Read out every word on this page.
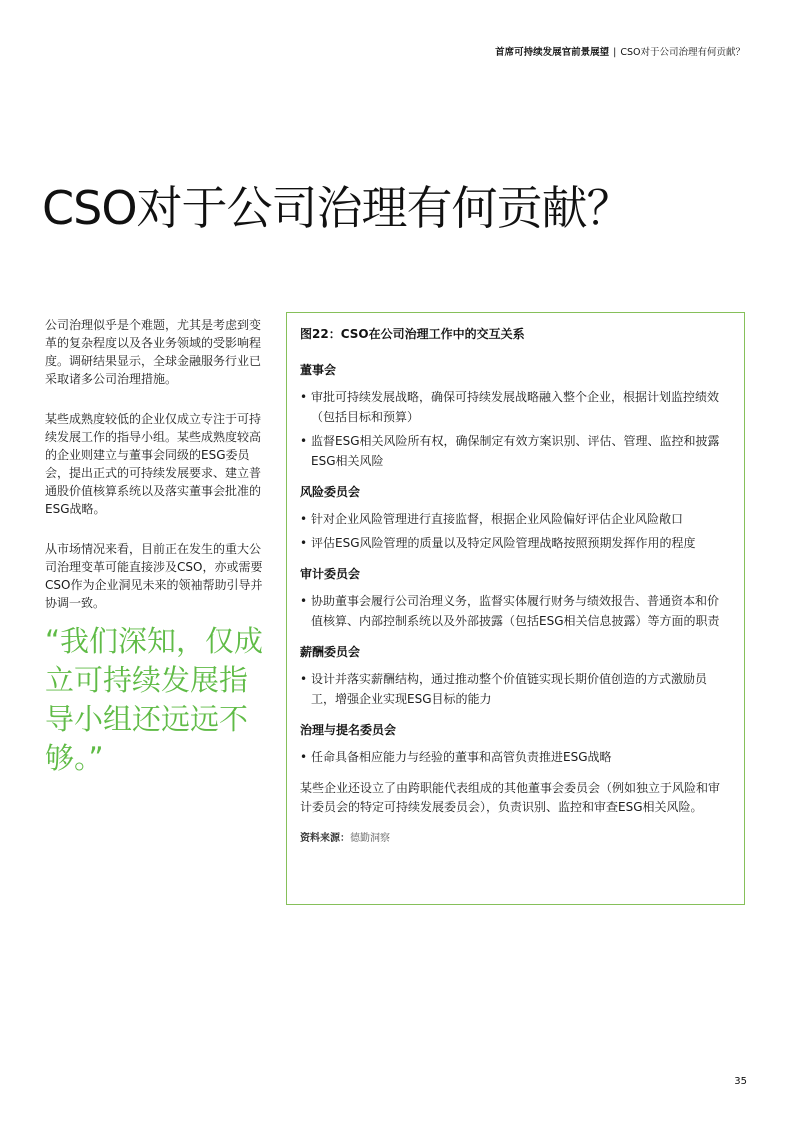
首席可持续发展官前景展望 | CSO对于公司治理有何贡献？
CSO对于公司治理有何贡献？

公司治理似乎是个难题，尤其是考虑到变革的复杂程度以及各业务领域的受影响程度。调研结果显示，全球金融服务行业已采取诸多公司治理措施。

某些成熟度较低的企业仅成立专注于可持续发展工作的指导小组。某些成熟度较高的企业则建立与董事会同级的ESG委员会，提出正式的可持续发展要求、建立普通股价值核算系统以及落实董事会批准的ESG战略。

从市场情况来看，目前正在发生的重大公司治理变革可能直接涉及CSO，亦或需要CSO作为企业洞见未来的领袖帮助引导并协调一致。

“我们深知，仅成立可持续发展指导小组还远远不够。”

图22：CSO在公司治理工作中的交互关系

董事会

• 审批可持续发展战略，确保可持续发展战略融入整个企业，根据计划监控绩效（包括目标和预算）
• 监督ESG相关风险所有权，确保制定有效方案识别、评估、管理、监控和披露ESG相关风险

风险委员会

• 针对企业风险管理进行直接监督，根据企业风险偏好评估企业风险敞口
• 评估ESG风险管理的质量以及特定风险管理战略按照预期发挥作用的程度

审计委员会

• 协助董事会履行公司治理义务，监督实体履行财务与绩效报告、普通资本和价值核算、内部控制系统以及外部披露（包括ESG相关信息披露）等方面的职责

薪酬委员会

• 设计并落实薪酬结构，通过推动整个价值链实现长期价值创造的方式激励员工，增强企业实现ESG目标的能力

治理与提名委员会

• 任命具备相应能力与经验的董事和高管负责推进ESG战略

某些企业还设立了由跨职能代表组成的其他董事会委员会（例如独立于风险和审计委员会的特定可持续发展委员会），负责识别、监控和审查ESG相关风险。

资料来源：德勤洞察

35
